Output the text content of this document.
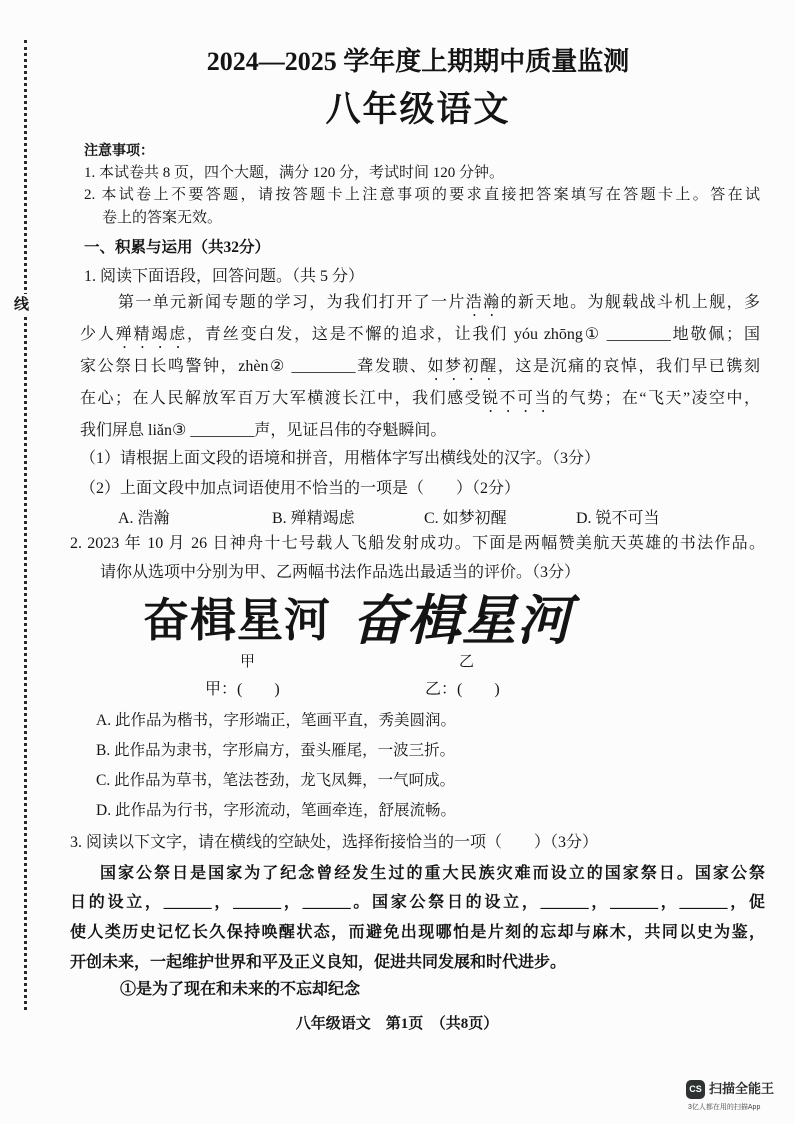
线
2024—2025 学年度上期期中质量监测
八年级语文
注意事项：
1. 本试卷共 8 页，四个大题，满分 120 分，考试时间 120 分钟。
2. 本试卷上不要答题，请按答题卡上注意事项的要求直接把答案填写在答题卡上。答在试
卷上的答案无效。
一、积累与运用（共32分）
1. 阅读下面语段，回答问题。（共 5 分）
第一单元新闻专题的学习，为我们打开了一片浩瀚的新天地。为舰载战斗机上舰，多
少人殚精竭虑，青丝变白发，这是不懈的追求，让我们 yóu zhōng① ________地敬佩；国
家公祭日长鸣警钟，zhèn② ________聋发聩、如梦初醒，这是沉痛的哀悼，我们早已镌刻
在心；在人民解放军百万大军横渡长江中，我们感受锐不可当的气势；在“飞天”凌空中，
我们屏息 liǎn③ ________声，见证吕伟的夺魁瞬间。
（1）请根据上面文段的语境和拼音，用楷体字写出横线处的汉字。（3分）
（2）上面文段中加点词语使用不恰当的一项是（　　）（2分）
A. 浩瀚	B. 殚精竭虑	C. 如梦初醒	D. 锐不可当
2. 2023 年 10 月 26 日神舟十七号载人飞船发射成功。下面是两幅赞美航天英雄的书法作品。
请你从选项中分别为甲、乙两幅书法作品选出最适当的评价。（3分）
奋楫星河 奋楫星河
甲	乙
甲：(　　)	乙：(　　)
A. 此作品为楷书，字形端正，笔画平直，秀美圆润。
B. 此作品为隶书，字形扁方，蚕头雁尾，一波三折。
C. 此作品为草书，笔法苍劲，龙飞凤舞，一气呵成。
D. 此作品为行书，字形流动，笔画牵连，舒展流畅。
3. 阅读以下文字，请在横线的空缺处，选择衔接恰当的一项（　　）（3分）
国家公祭日是国家为了纪念曾经发生过的重大民族灾难而设立的国家祭日。国家公祭
日的设立，______，______，______。国家公祭日的设立，______，______，______，促
使人类历史记忆长久保持唤醒状态，而避免出现哪怕是片刻的忘却与麻木，共同以史为鉴，
开创未来，一起维护世界和平及正义良知，促进共同发展和时代进步。
①是为了现在和未来的不忘却纪念
八年级语文　第1页　（共8页）
CS 扫描全能王
3亿人都在用的扫描App
